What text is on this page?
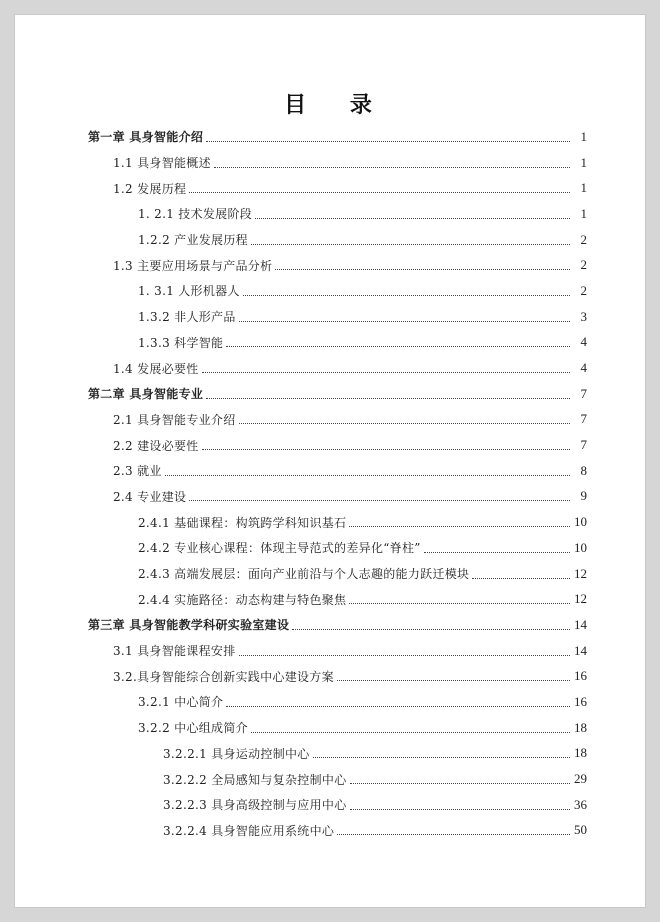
目 录
第一章 具身智能介绍	1
1.1 具身智能概述	1
1.2 发展历程	1
1. 2.1 技术发展阶段	1
1.2.2 产业发展历程	2
1.3 主要应用场景与产品分析	2
1. 3.1 人形机器人	2
1.3.2 非人形产品	3
1.3.3 科学智能	4
1.4 发展必要性	4
第二章 具身智能专业	7
2.1 具身智能专业介绍	7
2.2 建设必要性	7
2.3 就业	8
2.4 专业建设	9
2.4.1 基础课程：构筑跨学科知识基石	10
2.4.2 专业核心课程：体现主导范式的差异化“脊柱”	10
2.4.3 高端发展层：面向产业前沿与个人志趣的能力跃迁模块	12
2.4.4 实施路径：动态构建与特色聚焦	12
第三章 具身智能教学科研实验室建设	14
3.1 具身智能课程安排	14
3.2.具身智能综合创新实践中心建设方案	16
3.2.1 中心简介	16
3.2.2 中心组成简介	18
3.2.2.1 具身运动控制中心	18
3.2.2.2 全局感知与复杂控制中心	29
3.2.2.3 具身高级控制与应用中心	36
3.2.2.4 具身智能应用系统中心	50
